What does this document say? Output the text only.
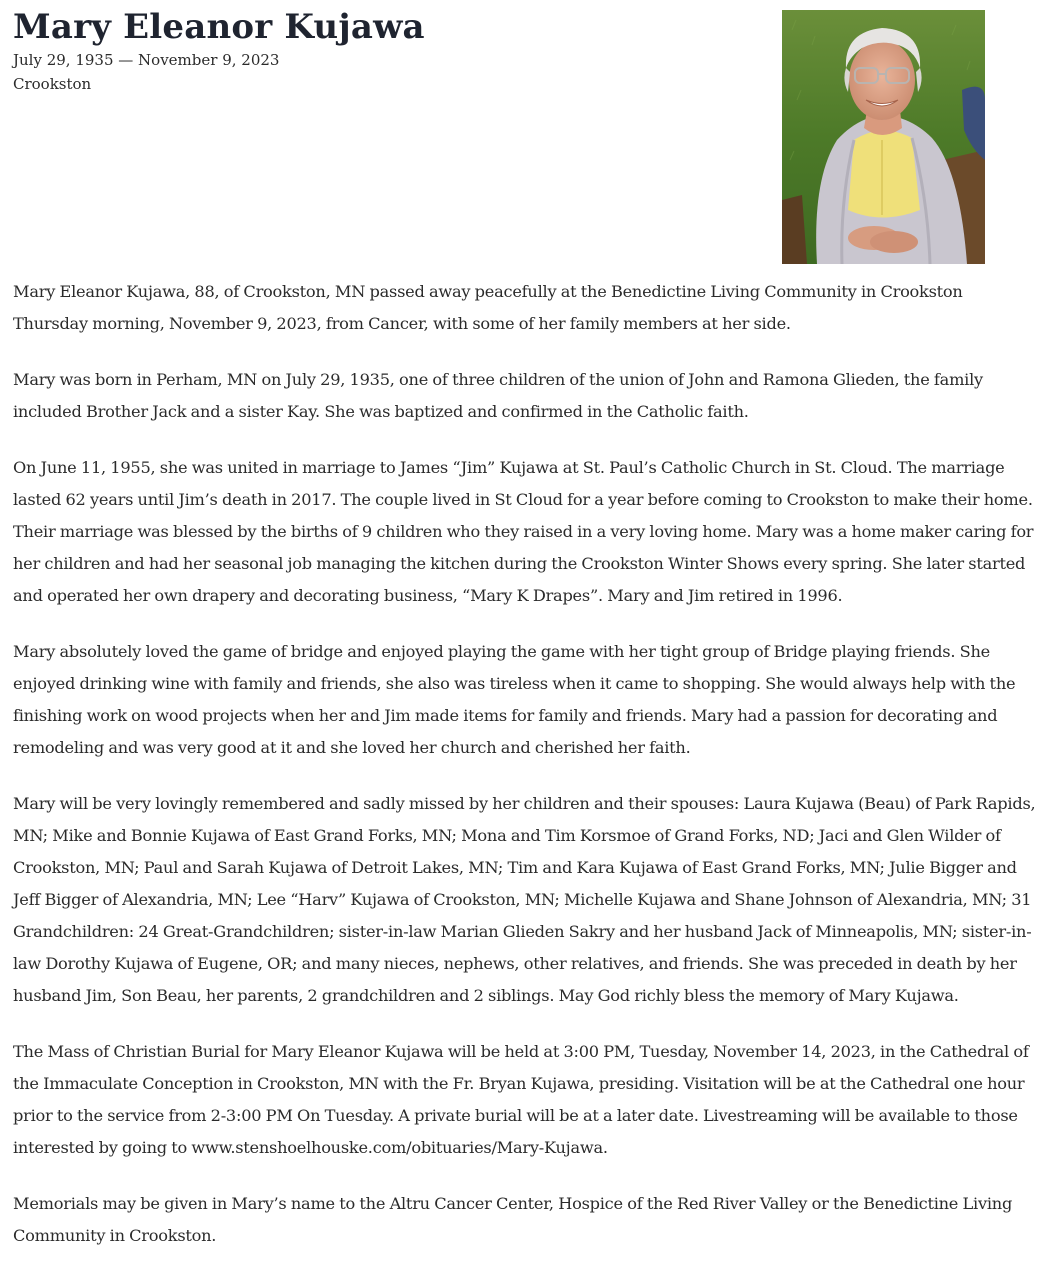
Mary Eleanor Kujawa
July 29, 1935 — November 9, 2023
Crookston

Mary Eleanor Kujawa, 88, of Crookston, MN passed away peacefully at the Benedictine Living Community in Crookston Thursday morning, November 9, 2023, from Cancer, with some of her family members at her side.

Mary was born in Perham, MN on July 29, 1935, one of three children of the union of John and Ramona Glieden, the family included Brother Jack and a sister Kay. She was baptized and confirmed in the Catholic faith.

On June 11, 1955, she was united in marriage to James “Jim” Kujawa at St. Paul’s Catholic Church in St. Cloud. The marriage lasted 62 years until Jim’s death in 2017. The couple lived in St Cloud for a year before coming to Crookston to make their home. Their marriage was blessed by the births of 9 children who they raised in a very loving home. Mary was a home maker caring for her children and had her seasonal job managing the kitchen during the Crookston Winter Shows every spring. She later started and operated her own drapery and decorating business, “Mary K Drapes”. Mary and Jim retired in 1996.

Mary absolutely loved the game of bridge and enjoyed playing the game with her tight group of Bridge playing friends. She enjoyed drinking wine with family and friends, she also was tireless when it came to shopping. She would always help with the finishing work on wood projects when her and Jim made items for family and friends. Mary had a passion for decorating and remodeling and was very good at it and she loved her church and cherished her faith.

Mary will be very lovingly remembered and sadly missed by her children and their spouses: Laura Kujawa (Beau) of Park Rapids, MN; Mike and Bonnie Kujawa of East Grand Forks, MN; Mona and Tim Korsmoe of Grand Forks, ND; Jaci and Glen Wilder of Crookston, MN; Paul and Sarah Kujawa of Detroit Lakes, MN; Tim and Kara Kujawa of East Grand Forks, MN; Julie Bigger and Jeff Bigger of Alexandria, MN; Lee “Harv” Kujawa of Crookston, MN; Michelle Kujawa and Shane Johnson of Alexandria, MN; 31 Grandchildren: 24 Great-Grandchildren; sister-in-law Marian Glieden Sakry and her husband Jack of Minneapolis, MN; sister-in-law Dorothy Kujawa of Eugene, OR; and many nieces, nephews, other relatives, and friends. She was preceded in death by her husband Jim, Son Beau, her parents, 2 grandchildren and 2 siblings. May God richly bless the memory of Mary Kujawa.

The Mass of Christian Burial for Mary Eleanor Kujawa will be held at 3:00 PM, Tuesday, November 14, 2023, in the Cathedral of the Immaculate Conception in Crookston, MN with the Fr. Bryan Kujawa, presiding. Visitation will be at the Cathedral one hour prior to the service from 2-3:00 PM On Tuesday. A private burial will be at a later date. Livestreaming will be available to those interested by going to www.stenshoelhouske.com/obituaries/Mary-Kujawa.

Memorials may be given in Mary’s name to the Altru Cancer Center, Hospice of the Red River Valley or the Benedictine Living Community in Crookston.
